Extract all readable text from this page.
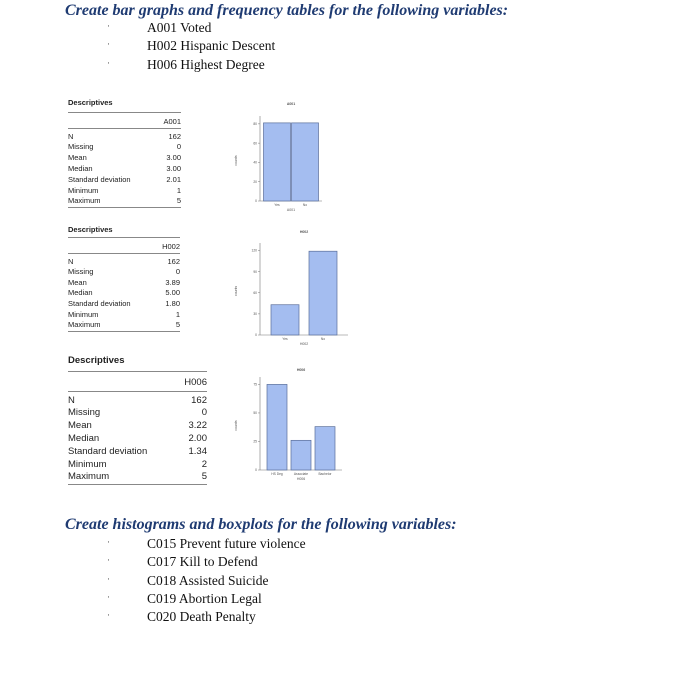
Create bar graphs and frequency tables for the following variables:
·	A001 Voted
·	H002 Hispanic Descent
·	H006 Highest Degree
Descriptives
	A001
N	162
Missing	0
Mean	3.00
Median	3.00
Standard deviation	2.01
Minimum	1
Maximum	5
Descriptives
	H002
N	162
Missing	0
Mean	3.89
Median	5.00
Standard deviation	1.80
Minimum	1
Maximum	5
Descriptives
	H006
N	162
Missing	0
Mean	3.22
Median	2.00
Standard deviation	1.34
Minimum	2
Maximum	5
A001
0
20
40
60
80
counts
Yes	No
A001
H002
0
30
60
90
120
counts
Yes	No
H002
H006
0
25
50
75
counts
HS Deg	Associate	Bachelor
H006
Create histograms and boxplots for the following variables:
·	C015 Prevent future violence
·	C017 Kill to Defend
·	C018 Assisted Suicide
·	C019 Abortion Legal
·	C020 Death Penalty
